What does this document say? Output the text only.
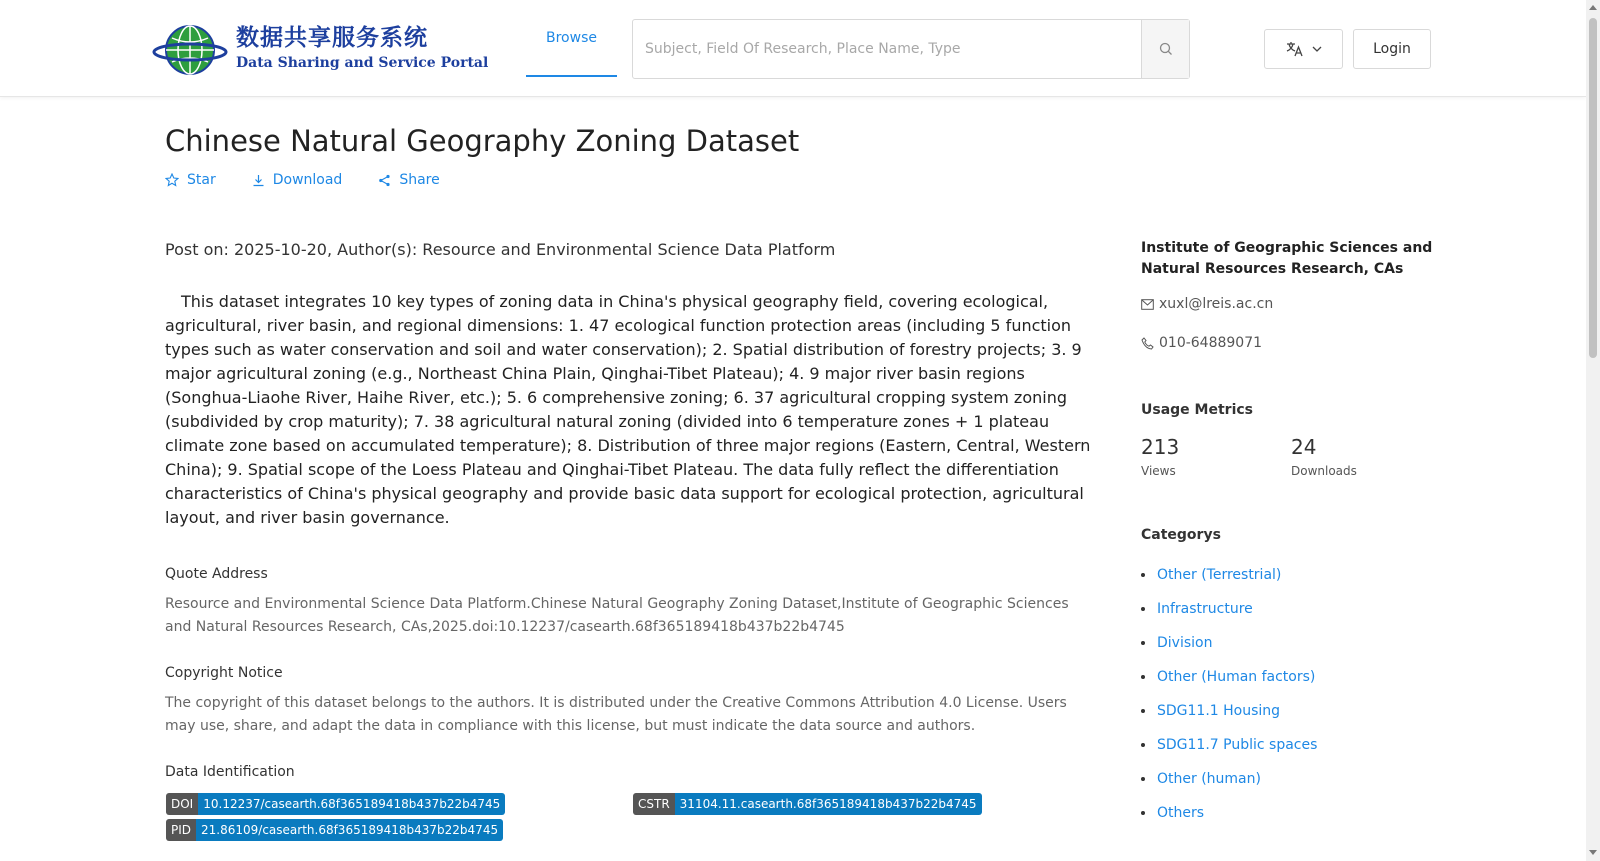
数据共享服务系统
Data Sharing and Service Portal
Browse
Subject, Field Of Research, Place Name, Type
Login
Chinese Natural Geography Zoning Dataset
Star	Download	Share
Post on: 2025-10-20, Author(s): Resource and Environmental Science Data Platform

This dataset integrates 10 key types of zoning data in China's physical geography field, covering ecological, agricultural, river basin, and regional dimensions: 1. 47 ecological function protection areas (including 5 function types such as water conservation and soil and water conservation); 2. Spatial distribution of forestry projects; 3. 9 major agricultural zoning (e.g., Northeast China Plain, Qinghai-Tibet Plateau); 4. 9 major river basin regions (Songhua-Liaohe River, Haihe River, etc.); 5. 6 comprehensive zoning; 6. 37 agricultural cropping system zoning (subdivided by crop maturity); 7. 38 agricultural natural zoning (divided into 6 temperature zones + 1 plateau climate zone based on accumulated temperature); 8. Distribution of three major regions (Eastern, Central, Western China); 9. Spatial scope of the Loess Plateau and Qinghai-Tibet Plateau. The data fully reflect the differentiation characteristics of China's physical geography and provide basic data support for ecological protection, agricultural layout, and river basin governance.

Quote Address
Resource and Environmental Science Data Platform.Chinese Natural Geography Zoning Dataset,Institute of Geographic Sciences and Natural Resources Research, CAs,2025.doi:10.12237/casearth.68f365189418b437b22b4745
Copyright Notice
The copyright of this dataset belongs to the authors. It is distributed under the Creative Commons Attribution 4.0 License. Users may use, share, and adapt the data in compliance with this license, but must indicate the data source and authors.
Data Identification
DOI 10.12237/casearth.68f365189418b437b22b4745	CSTR 31104.11.casearth.68f365189418b437b22b4745
PID 21.86109/casearth.68f365189418b437b22b4745
Institute of Geographic Sciences and Natural Resources Research, CAs
xuxl@lreis.ac.cn
010-64889071
Usage Metrics
213
Views
24
Downloads
Categorys
Other (Terrestrial)
Infrastructure
Division
Other (Human factors)
SDG11.1 Housing
SDG11.7 Public spaces
Other (human)
Others
